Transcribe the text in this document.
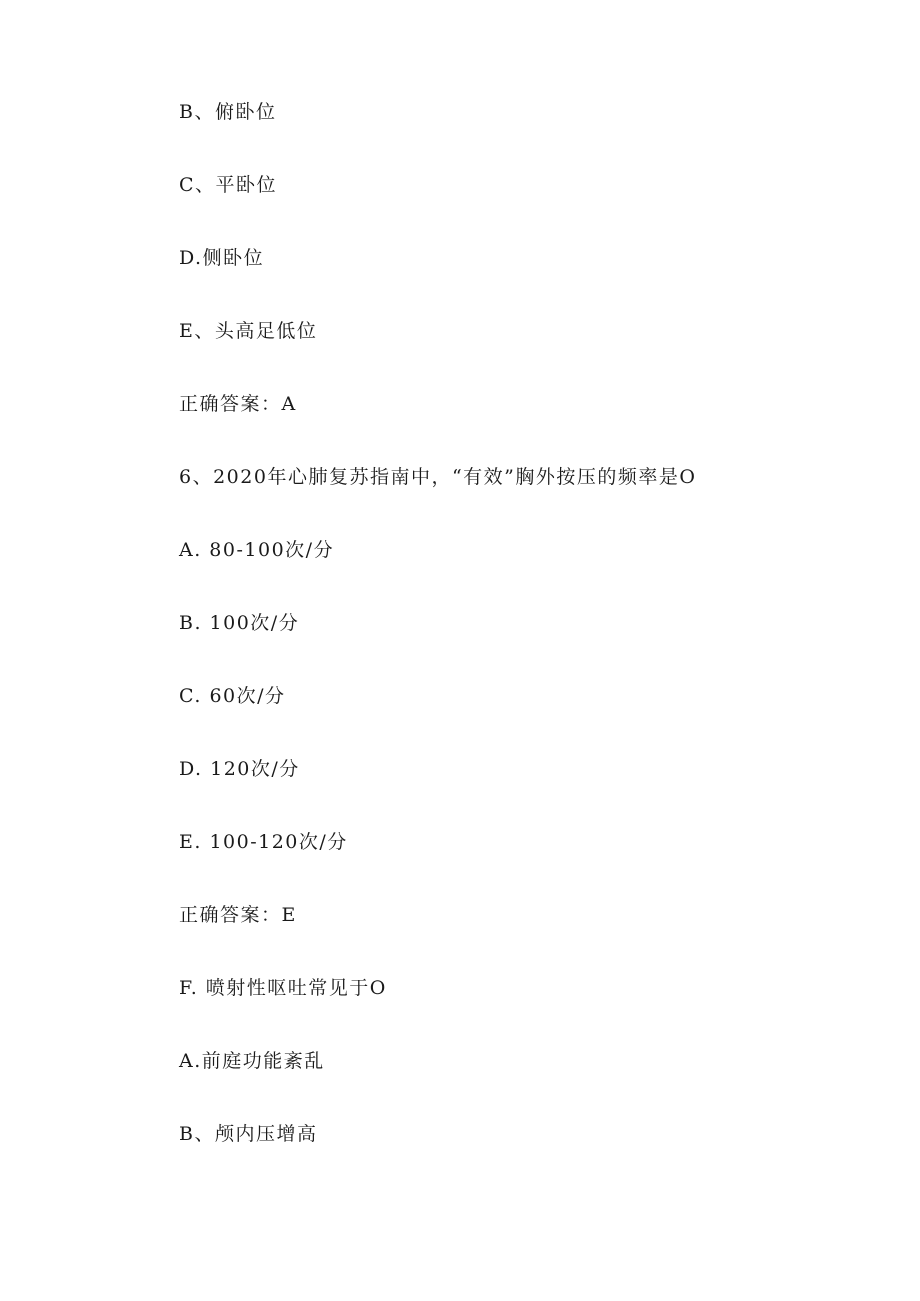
B、俯卧位

C、平卧位

D.侧卧位

E、头高足低位

正确答案：A

6、2020年心肺复苏指南中，“有效”胸外按压的频率是O

A. 80-100次/分

B. 100次/分

C. 60次/分

D. 120次/分

E. 100-120次/分

正确答案：E

F. 喷射性呕吐常见于O

A.前庭功能紊乱

B、颅内压增高
